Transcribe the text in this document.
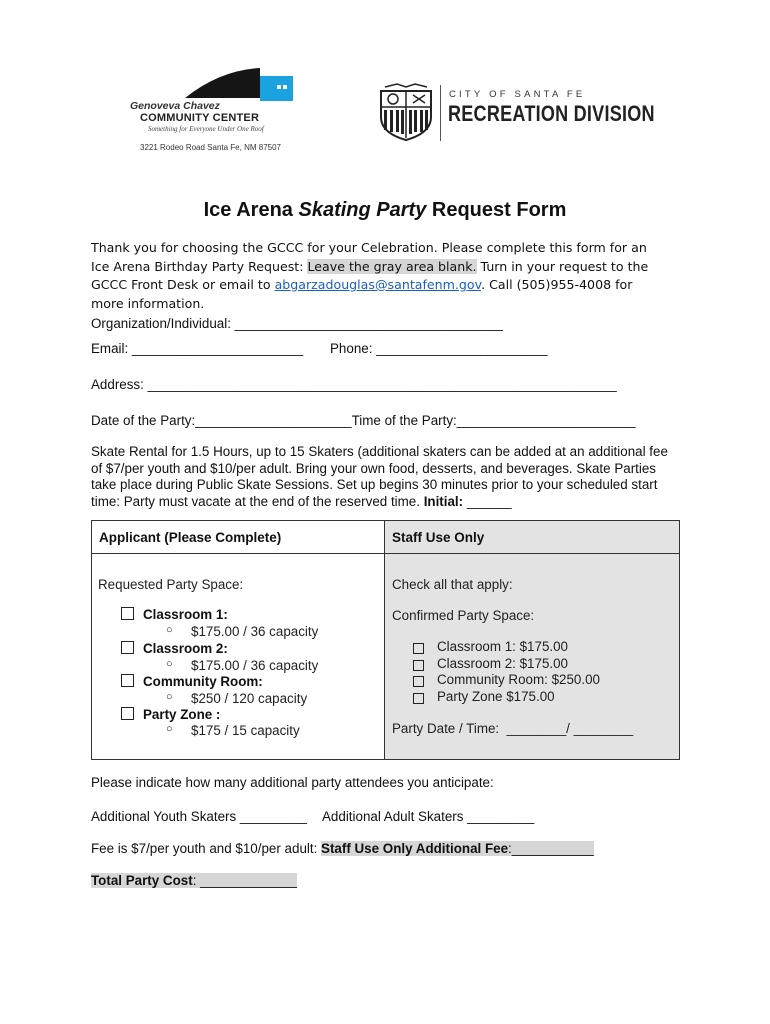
Genoveva Chavez
COMMUNITY CENTER
Something for Everyone Under One Roof
3221 Rodeo Road Santa Fe, NM 87507
CITY OF SANTA FE
RECREATION DIVISION
Ice Arena Skating Party Request Form
Thank you for choosing the GCCC for your Celebration. Please complete this form for an Ice Arena Birthday Party Request: Leave the gray area blank. Turn in your request to the GCCC Front Desk or email to abgarzadouglas@santafenm.gov. Call (505)955-4008 for more information.
Organization/Individual: ____________________________________
Email: _______________________ Phone: _______________________
Address: _______________________________________________________________
Date of the Party:_____________________Time of the Party:________________________
Skate Rental for 1.5 Hours, up to 15 Skaters (additional skaters can be added at an additional fee of $7/per youth and $10/per adult. Bring your own food, desserts, and beverages. Skate Parties take place during Public Skate Sessions. Set up begins 30 minutes prior to your scheduled start time: Party must vacate at the end of the reserved time. Initial: ______
Applicant (Please Complete)	Staff Use Only
Requested Party Space:
Classroom 1:
○ $175.00 / 36 capacity
Classroom 2:
○ $175.00 / 36 capacity
Community Room:
○ $250 / 120 capacity
Party Zone :
○ $175 / 15 capacity
Check all that apply:
Confirmed Party Space:
Classroom 1: $175.00
Classroom 2: $175.00
Community Room: $250.00
Party Zone $175.00
Party Date / Time:  ________/ ________
Please indicate how many additional party attendees you anticipate:
Additional Youth Skaters _________ Additional Adult Skaters _________
Fee is $7/per youth and $10/per adult: Staff Use Only Additional Fee:___________
Total Party Cost: _____________
